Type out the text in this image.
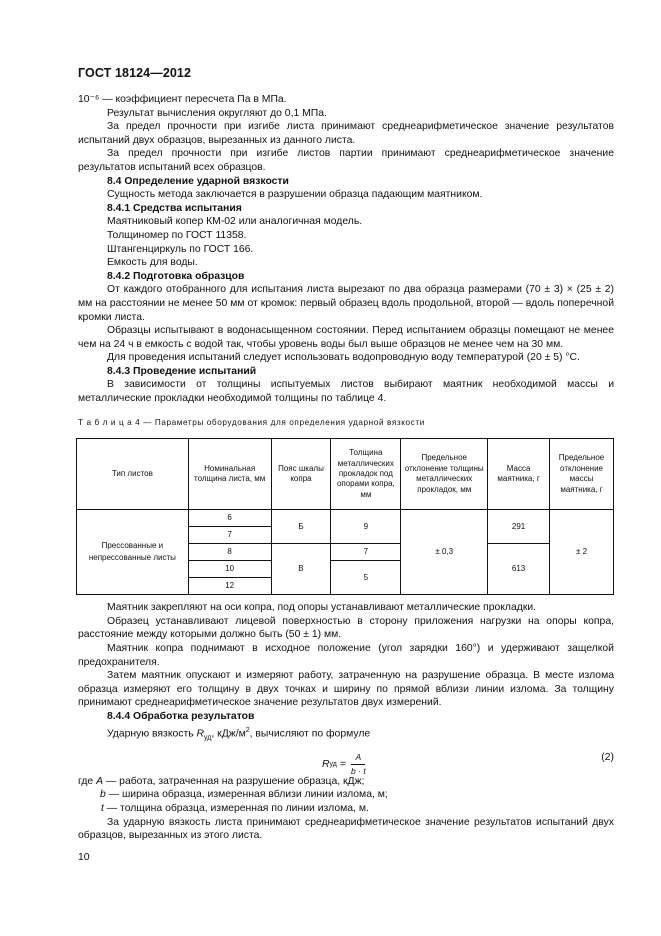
ГОСТ 18124—2012

10⁻⁶ — коэффициент пересчета Па в МПа.

Результат вычисления округляют до 0,1 МПа.

За предел прочности при изгибе листа принимают среднеарифметическое значение результатов испытаний двух образцов, вырезанных из данного листа.

За предел прочности при изгибе листов партии принимают среднеарифметическое значение результатов испытаний всех образцов.

8.4 Определение ударной вязкости

Сущность метода заключается в разрушении образца падающим маятником.

8.4.1 Средства испытания

Маятниковый копер КМ-02 или аналогичная модель.

Толщиномер по ГОСТ 11358.

Штангенциркуль по ГОСТ 166.

Емкость для воды.

8.4.2 Подготовка образцов

От каждого отобранного для испытания листа вырезают по два образца размерами (70 ± 3) × (25 ± 2) мм на расстоянии не менее 50 мм от кромок: первый образец вдоль продольной, второй — вдоль поперечной кромки листа.

Образцы испытывают в водонасыщенном состоянии. Перед испытанием образцы помещают не менее чем на 24 ч в емкость с водой так, чтобы уровень воды был выше образцов не менее чем на 30 мм.

Для проведения испытаний следует использовать водопроводную воду температурой (20 ± 5) °С.

8.4.3 Проведение испытаний

В зависимости от толщины испытуемых листов выбирают маятник необходимой массы и металлические прокладки необходимой толщины по таблице 4.

Т а б л и ц а 4 — Параметры оборудования для определения ударной вязкости

Тип листов	Номинальная толщина листа, мм	Пояс шкалы копра	Толщина металлических прокладок под опорами копра, мм	Предельное отклонение толщины металлических прокладок, мм	Масса маятника, г	Предельное отклонение массы маятника, г
Прессованные и непрессованные листы	6	Б	9	± 0,3	291	± 2
	7					
	8	В	7		613	
	10		5			
	12					

Маятник закрепляют на оси копра, под опоры устанавливают металлические прокладки.

Образец устанавливают лицевой поверхностью в сторону приложения нагрузки на опоры копра, расстояние между которыми должно быть (50 ± 1) мм.

Маятник копра поднимают в исходное положение (угол зарядки 160°) и удерживают защелкой предохранителя.

Затем маятник опускают и измеряют работу, затраченную на разрушение образца. В месте излома образца измеряют его толщину в двух точках и ширину по прямой вблизи линии излома. За толщину принимают среднеарифметическое значение результатов двух измерений.

8.4.4 Обработка результатов

Ударную вязкость $R_{уд}$, кДж/$м^2$, вычисляют по формуле

R уд = $\frac{A}{b \cdot t}$	(2)

где A — работа, затраченная на разрушение образца, кДж;

b — ширина образца, измеренная вблизи линии излома, м;

t — толщина образца, измеренная по линии излома, м.

За ударную вязкость листа принимают среднеарифметическое значение результатов испытаний двух образцов, вырезанных из этого листа.

10
